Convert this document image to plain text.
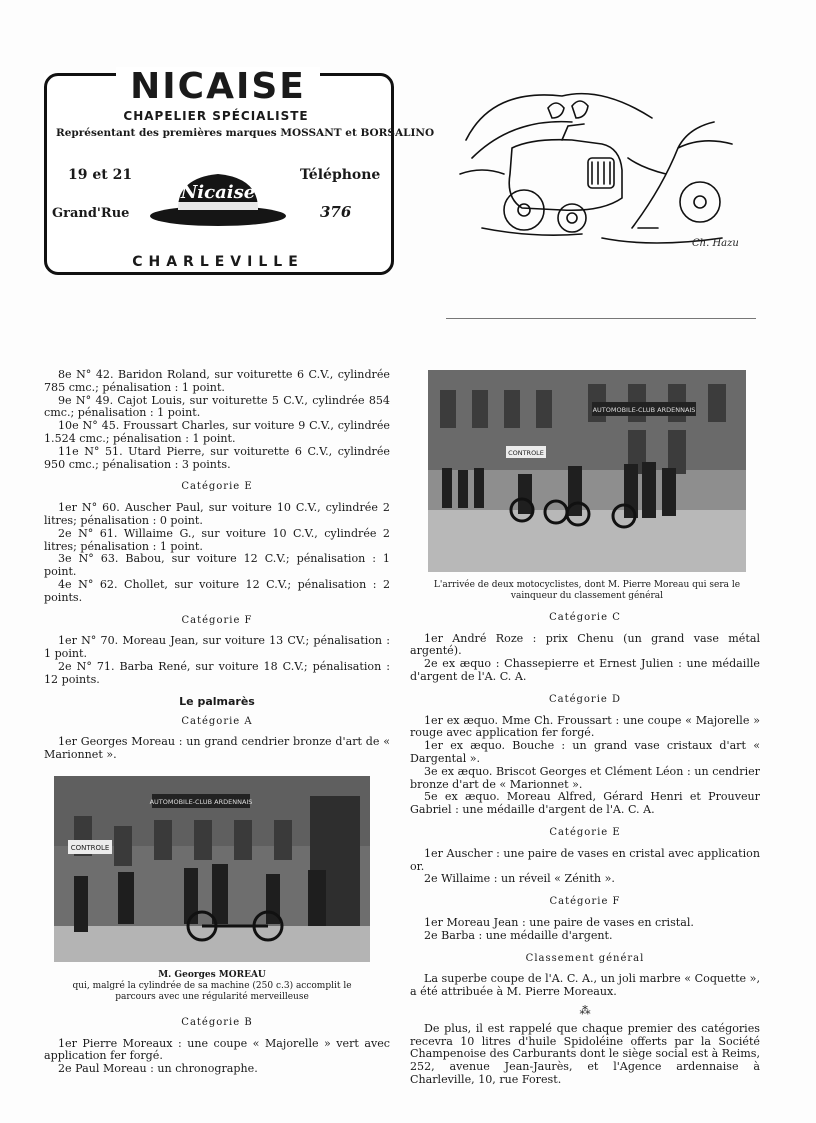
NICAISE
CHAPELIER SPÉCIALISTE
Représentant des premières marques MOSSANT et BORSALINO
19 et 21
Grand'Rue
Téléphone
376
Nicaise
CHARLEVILLE
Ch. Hazu

8e N° 42. Baridon Roland, sur voiturette 6 C.V., cylindrée 785 cmc.; pénalisation : 1 point.

9e N° 49. Cajot Louis, sur voiturette 5 C.V., cylindrée 854 cmc.; pénalisation : 1 point.

10e N° 45. Froussart Charles, sur voiture 9 C.V., cylindrée 1.524 cmc.; pénalisation : 1 point.

11e N° 51. Utard Pierre, sur voiturette 6 C.V., cylindrée 950 cmc.; pénalisation : 3 points.

Catégorie E

1er N° 60. Auscher Paul, sur voiture 10 C.V., cylindrée 2 litres; pénalisation : 0 point.

2e N° 61. Willaime G., sur voiture 10 C.V., cylindrée 2 litres; pénalisation : 1 point.

3e N° 63. Babou, sur voiture 12 C.V.; pénalisation : 1 point.

4e N° 62. Chollet, sur voiture 12 C.V.; pénalisation : 2 points.

Catégorie F

1er N° 70. Moreau Jean, sur voiture 13 CV.; pénalisation : 1 point.

2e N° 71. Barba René, sur voiture 18 C.V.; pénalisation : 12 points.

Le palmarès

Catégorie A

1er Georges Moreau : un grand cendrier bronze d'art de « Marionnet ».

AUTOMOBILE-CLUB ARDENNAIS
CONTROLE
M. Georges MOREAU
qui, malgré la cylindrée de sa machine (250 c.3) accomplit le parcours avec une régularité merveilleuse

Catégorie B

1er Pierre Moreaux : une coupe « Majorelle » vert avec application fer forgé.

2e Paul Moreau : un chronographe.

AUTOMOBILE-CLUB ARDENNAIS
CONTROLE
L'arrivée de deux motocyclistes, dont M. Pierre Moreau qui sera le vainqueur du classement général

Catégorie C

1er André Roze : prix Chenu (un grand vase métal argenté).

2e ex æquo : Chassepierre et Ernest Julien : une médaille d'argent de l'A. C. A.

Catégorie D

1er ex æquo. Mme Ch. Froussart : une coupe « Majorelle » rouge avec application fer forgé.

1er ex æquo. Bouche : un grand vase cristaux d'art « Dargental ».

3e ex æquo. Briscot Georges et Clément Léon : un cendrier bronze d'art de « Marionnet ».

5e ex æquo. Moreau Alfred, Gérard Henri et Prouveur Gabriel : une médaille d'argent de l'A. C. A.

Catégorie E

1er Auscher : une paire de vases en cristal avec application or.

2e Willaime : un réveil « Zénith ».

Catégorie F

1er Moreau Jean : une paire de vases en cristal.

2e Barba : une médaille d'argent.

Classement général

La superbe coupe de l'A. C. A., un joli marbre « Coquette », a été attribuée à M. Pierre Moreaux.

⁂

De plus, il est rappelé que chaque premier des catégories recevra 10 litres d'huile Spidoléine offerts par la Société Champenoise des Carburants dont le siège social est à Reims, 252, avenue Jean-Jaurès, et l'Agence ardennaise à Charleville, 10, rue Forest.
